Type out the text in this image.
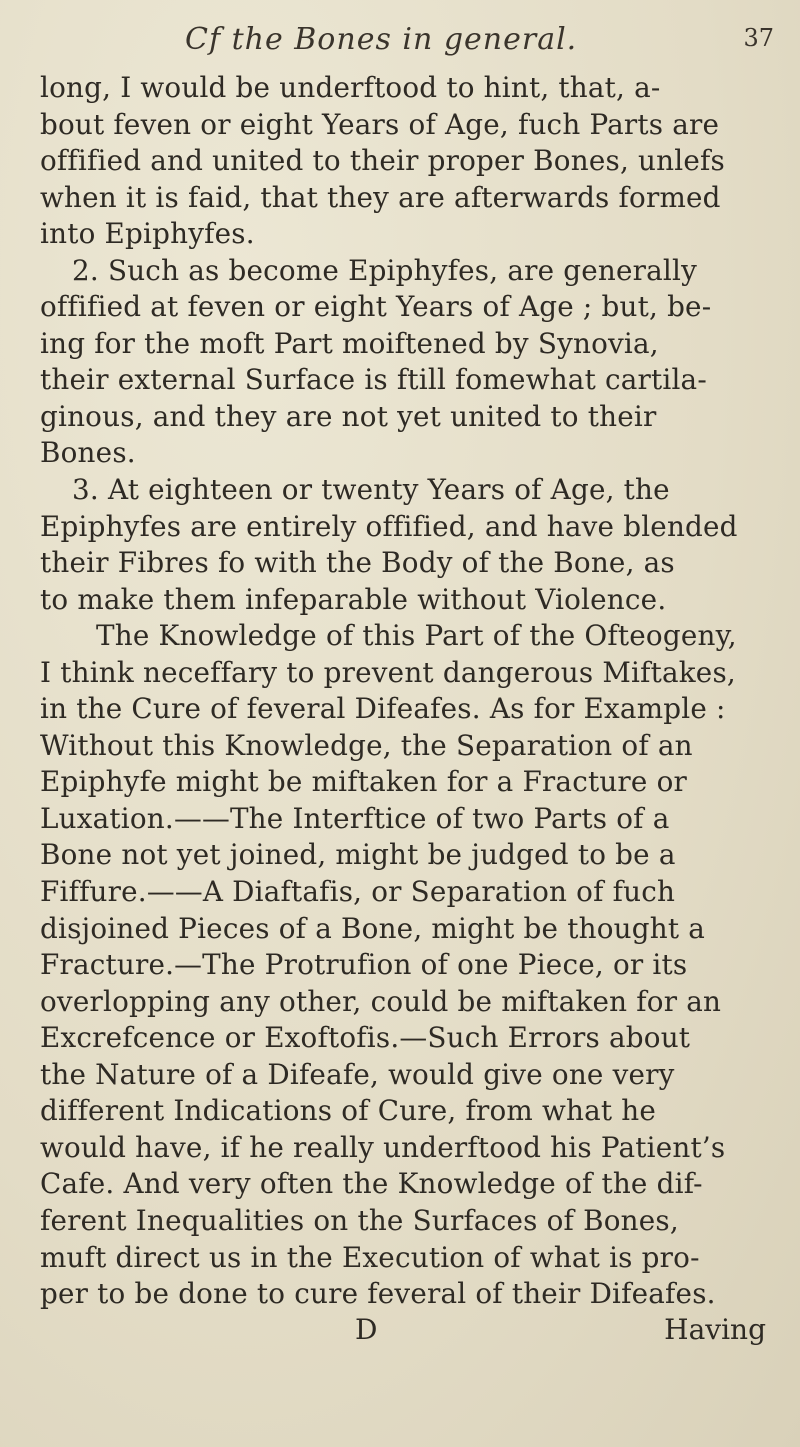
Cf the Bones in general.	37
long, I would be underftood to hint, that, a-
bout feven or eight Years of Age, fuch Parts are
offified and united to their proper Bones, unlefs
when it is faid, that they are afterwards formed
into Epiphyfes.
2. Such as become Epiphyfes, are generally
offified at feven or eight Years of Age ; but, be-
ing for the moft Part moiftened by Synovia,
their external Surface is ftill fomewhat cartila-
ginous, and they are not yet united to their
Bones.
3. At eighteen or twenty Years of Age, the
Epiphyfes are entirely offified, and have blended
their Fibres fo with the Body of the Bone, as
to make them infeparable without Violence.
The Knowledge of this Part of the Ofteogeny,
I think neceffary to prevent dangerous Miftakes,
in the Cure of feveral Difeafes. As for Example :
Without this Knowledge, the Separation of an
Epiphyfe might be miftaken for a Fracture or
Luxation.——The Interftice of two Parts of a
Bone not yet joined, might be judged to be a
Fiffure.——A Diaftafis, or Separation of fuch
disjoined Pieces of a Bone, might be thought a
Fracture.—The Protrufion of one Piece, or its
overlopping any other, could be miftaken for an
Excrefcence or Exoftofis.—Such Errors about
the Nature of a Difeafe, would give one very
different Indications of Cure, from what he
would have, if he really underftood his Patient’s
Cafe. And very often the Knowledge of the dif-
ferent Inequalities on the Surfaces of Bones,
muft direct us in the Execution of what is pro-
per to be done to cure feveral of their Difeafes.
D	Having
